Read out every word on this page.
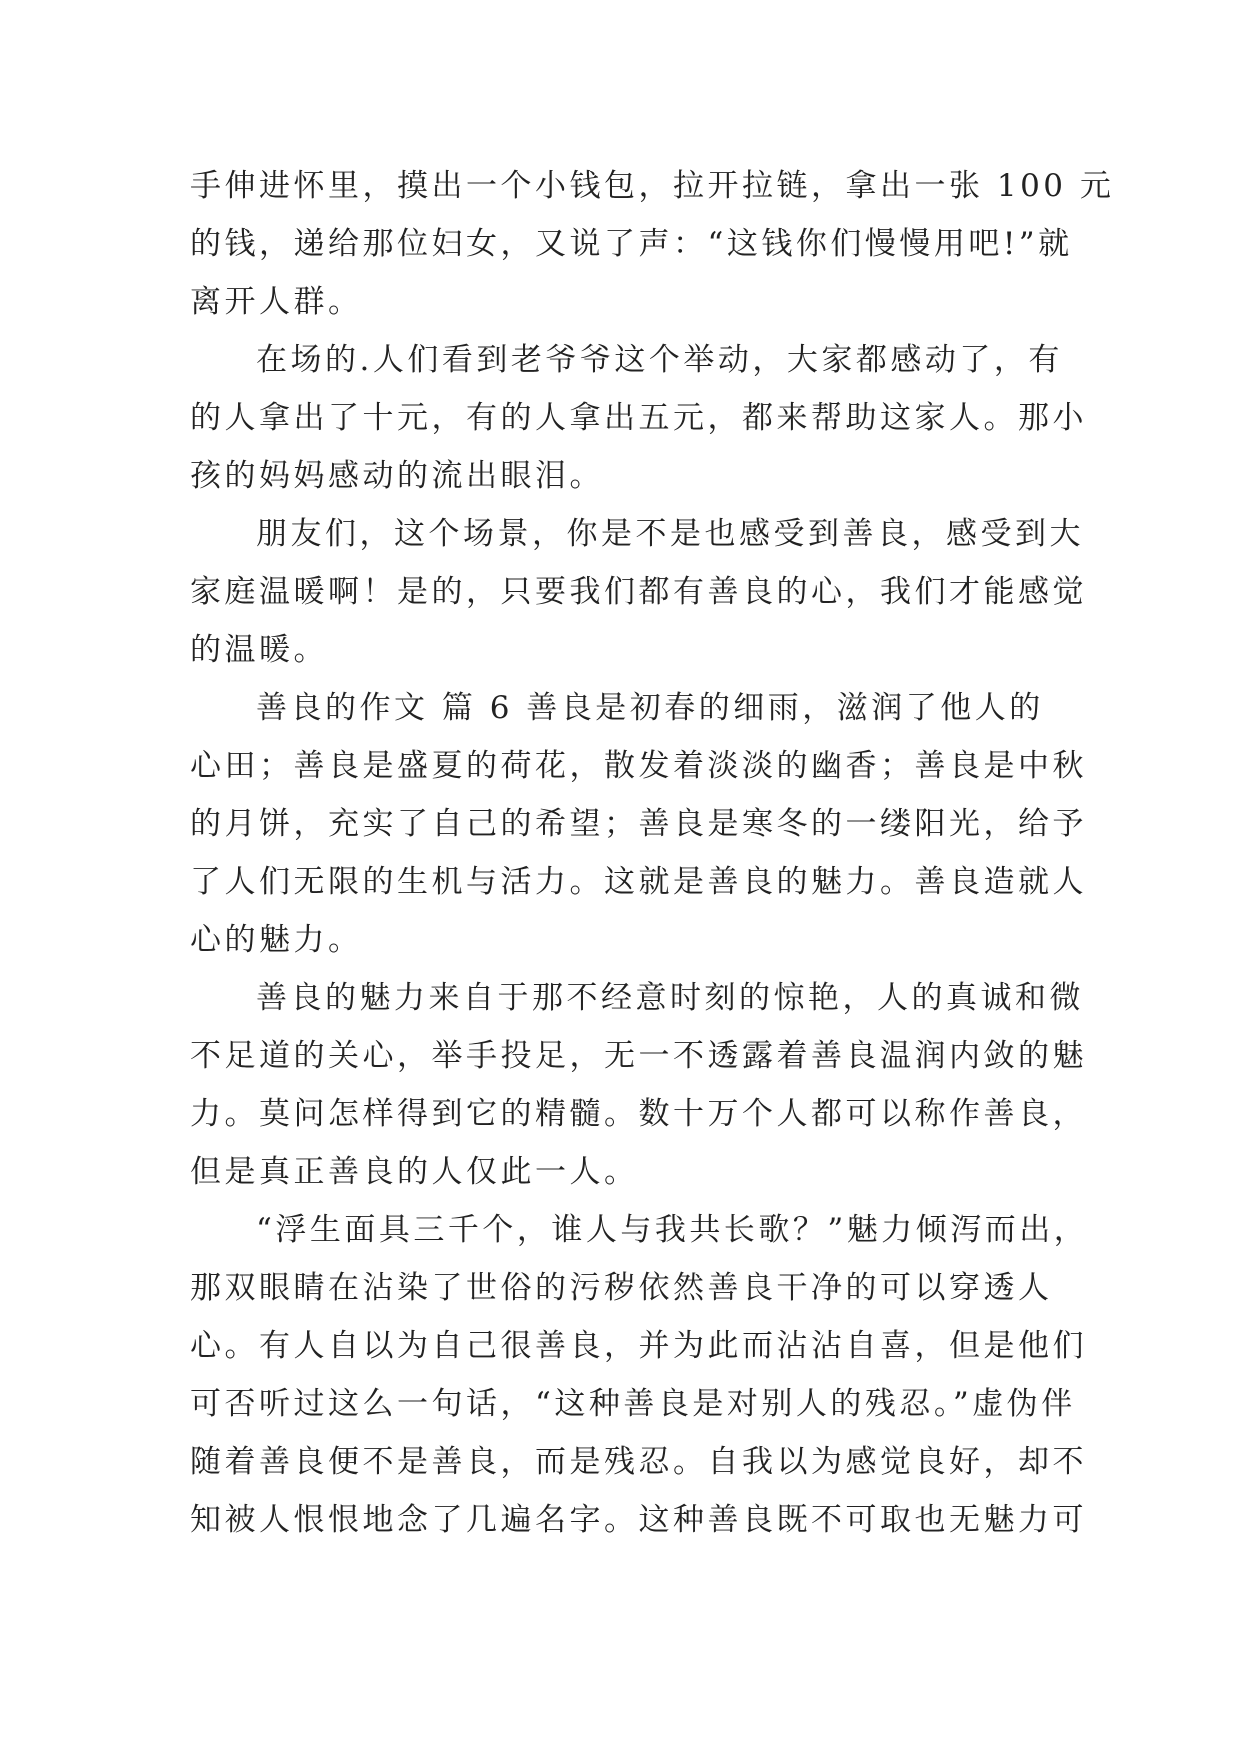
手伸进怀里，摸出一个小钱包，拉开拉链，拿出一张 100 元
的钱，递给那位妇女，又说了声：“这钱你们慢慢用吧!”就
离开人群。
在场的.人们看到老爷爷这个举动，大家都感动了，有
的人拿出了十元，有的人拿出五元，都来帮助这家人。那小
孩的妈妈感动的流出眼泪。
朋友们，这个场景，你是不是也感受到善良，感受到大
家庭温暖啊！是的，只要我们都有善良的心，我们才能感觉
的温暖。
善良的作文 篇 6 善良是初春的细雨，滋润了他人的
心田；善良是盛夏的荷花，散发着淡淡的幽香；善良是中秋
的月饼，充实了自己的希望；善良是寒冬的一缕阳光，给予
了人们无限的生机与活力。这就是善良的魅力。善良造就人
心的魅力。
善良的魅力来自于那不经意时刻的惊艳，人的真诚和微
不足道的关心，举手投足，无一不透露着善良温润内敛的魅
力。莫问怎样得到它的精髓。数十万个人都可以称作善良，
但是真正善良的人仅此一人。
“浮生面具三千个，谁人与我共长歌？”魅力倾泻而出，
那双眼睛在沾染了世俗的污秽依然善良干净的可以穿透人
心。有人自以为自己很善良，并为此而沾沾自喜，但是他们
可否听过这么一句话，“这种善良是对别人的残忍。”虚伪伴
随着善良便不是善良，而是残忍。自我以为感觉良好，却不
知被人恨恨地念了几遍名字。这种善良既不可取也无魅力可
